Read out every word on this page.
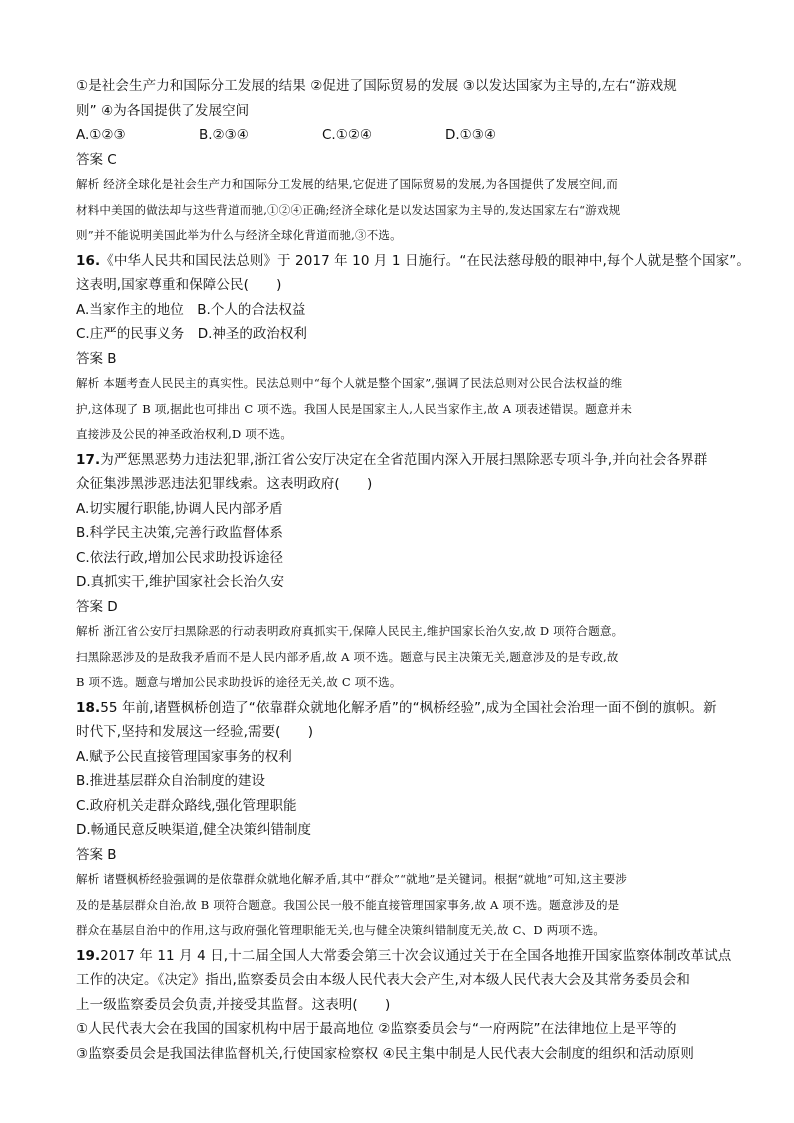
①是社会生产力和国际分工发展的结果 ②促进了国际贸易的发展 ③以发达国家为主导的,左右“游戏规
则” ④为各国提供了发展空间
A.①②③	B.②③④	C.①②④	D.①③④
答案 C
解析 经济全球化是社会生产力和国际分工发展的结果,它促进了国际贸易的发展,为各国提供了发展空间,而
材料中美国的做法却与这些背道而驰,①②④正确;经济全球化是以发达国家为主导的,发达国家左右“游戏规
则”并不能说明美国此举为什么与经济全球化背道而驰,③不选。
16.《中华人民共和国民法总则》于 2017 年 10 月 1 日施行。“在民法慈母般的眼神中,每个人就是整个国家”。
这表明,国家尊重和保障公民(　　)
A.当家作主的地位　B.个人的合法权益
C.庄严的民事义务　D.神圣的政治权利
答案 B
解析 本题考查人民民主的真实性。民法总则中“每个人就是整个国家”,强调了民法总则对公民合法权益的维
护,这体现了 B 项,据此也可排出 C 项不选。我国人民是国家主人,人民当家作主,故 A 项表述错误。题意并未
直接涉及公民的神圣政治权利,D 项不选。
17.为严惩黑恶势力违法犯罪,浙江省公安厅决定在全省范围内深入开展扫黑除恶专项斗争,并向社会各界群
众征集涉黑涉恶违法犯罪线索。这表明政府(　　)
A.切实履行职能,协调人民内部矛盾
B.科学民主决策,完善行政监督体系
C.依法行政,增加公民求助投诉途径
D.真抓实干,维护国家社会长治久安
答案 D
解析 浙江省公安厅扫黑除恶的行动表明政府真抓实干,保障人民民主,维护国家长治久安,故 D 项符合题意。
扫黑除恶涉及的是敌我矛盾而不是人民内部矛盾,故 A 项不选。题意与民主决策无关,题意涉及的是专政,故
B 项不选。题意与增加公民求助投诉的途径无关,故 C 项不选。
18.55 年前,诸暨枫桥创造了“依靠群众就地化解矛盾”的“枫桥经验”,成为全国社会治理一面不倒的旗帜。新
时代下,坚持和发展这一经验,需要(　　)
A.赋予公民直接管理国家事务的权利
B.推进基层群众自治制度的建设
C.政府机关走群众路线,强化管理职能
D.畅通民意反映渠道,健全决策纠错制度
答案 B
解析 诸暨枫桥经验强调的是依靠群众就地化解矛盾,其中“群众”“就地”是关键词。根据“就地”可知,这主要涉
及的是基层群众自治,故 B 项符合题意。我国公民一般不能直接管理国家事务,故 A 项不选。题意涉及的是
群众在基层自治中的作用,这与政府强化管理职能无关,也与健全决策纠错制度无关,故 C、D 两项不选。
19.2017 年 11 月 4 日,十二届全国人大常委会第三十次会议通过关于在全国各地推开国家监察体制改革试点
工作的决定。《决定》指出,监察委员会由本级人民代表大会产生,对本级人民代表大会及其常务委员会和
上一级监察委员会负责,并接受其监督。这表明(　　)
①人民代表大会在我国的国家机构中居于最高地位 ②监察委员会与“一府两院”在法律地位上是平等的
③监察委员会是我国法律监督机关,行使国家检察权 ④民主集中制是人民代表大会制度的组织和活动原则
